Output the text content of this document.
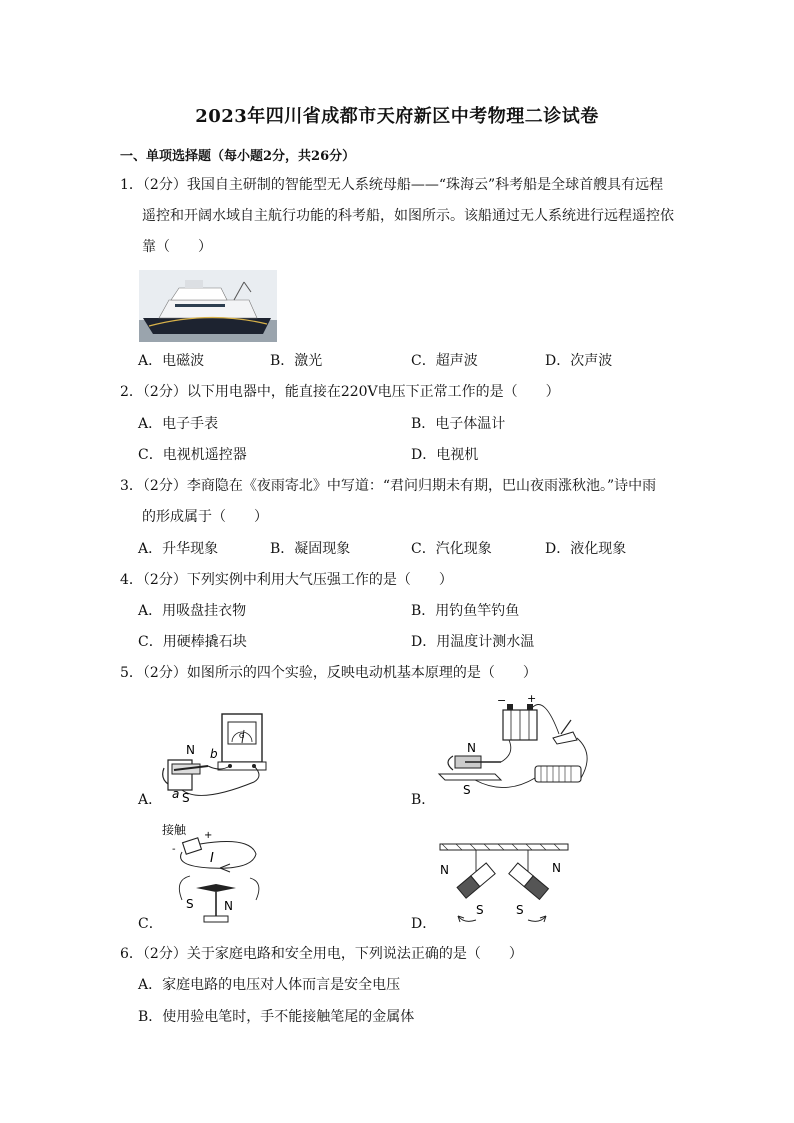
2023年四川省成都市天府新区中考物理二诊试卷
一、单项选择题（每小题2分，共26分）
1．（2分）我国自主研制的智能型无人系统母船——“珠海云”科考船是全球首艘具有远程
遥控和开阔水域自主航行功能的科考船，如图所示。该船通过无人系统进行远程遥控依
靠（　　）
A．电磁波	B．激光	C．超声波	D．次声波
2．（2分）以下用电器中，能直接在220V电压下正常工作的是（　　）
A．电子手表	B．电子体温计
C．电视机遥控器	D．电视机
3．（2分）李商隐在《夜雨寄北》中写道：“君问归期未有期，巴山夜雨涨秋池。”诗中雨
的形成属于（　　）
A．升华现象	B．凝固现象	C．汽化现象	D．液化现象
4．（2分）下列实例中利用大气压强工作的是（　　）
A．用吸盘挂衣物	B．用钓鱼竿钓鱼
C．用硬棒撬石块	D．用温度计测水温
5．（2分）如图所示的四个实验，反映电动机基本原理的是（　　）
A．
G
N
S
b
a	B．
− +
N
S
C．
接触 +
-
I
S	N
D．
N	N
S	S
6．（2分）关于家庭电路和安全用电，下列说法正确的是（　　）
A．家庭电路的电压对人体而言是安全电压
B．使用验电笔时，手不能接触笔尾的金属体
